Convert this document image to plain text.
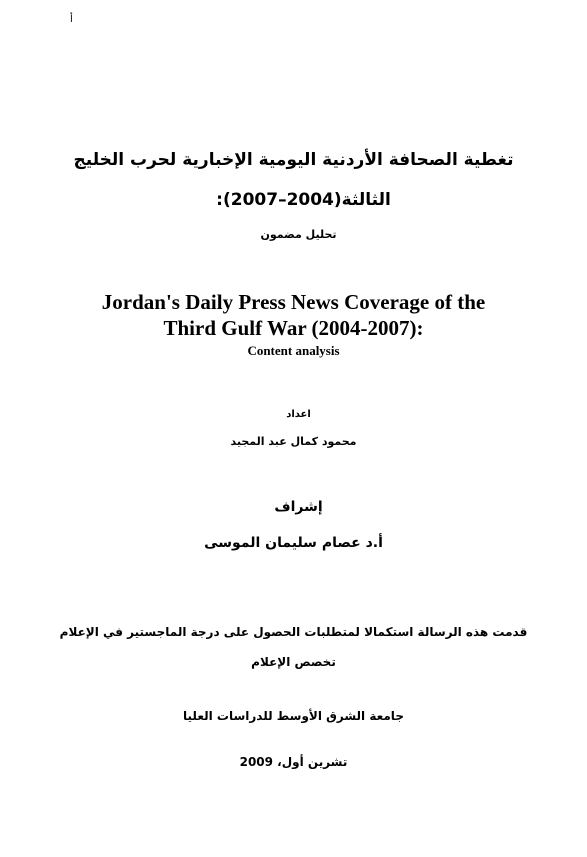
أ
تغطية الصحافة الأردنية اليومية الإخبارية لحرب الخليج
الثالثة(2004–2007):
تحليل مضمون
Jordan's Daily Press News Coverage of the
Third Gulf War (2004-2007):
Content analysis
اعداد
محمود كمال عبد المجيد
إشراف
أ.د عصام سليمان الموسى
قدمت هذه الرسالة استكمالا لمتطلبات الحصول على درجة الماجستير في الإعلام
تخصص الإعلام
جامعة الشرق الأوسط للدراسات العليا
تشرين أول، 2009
